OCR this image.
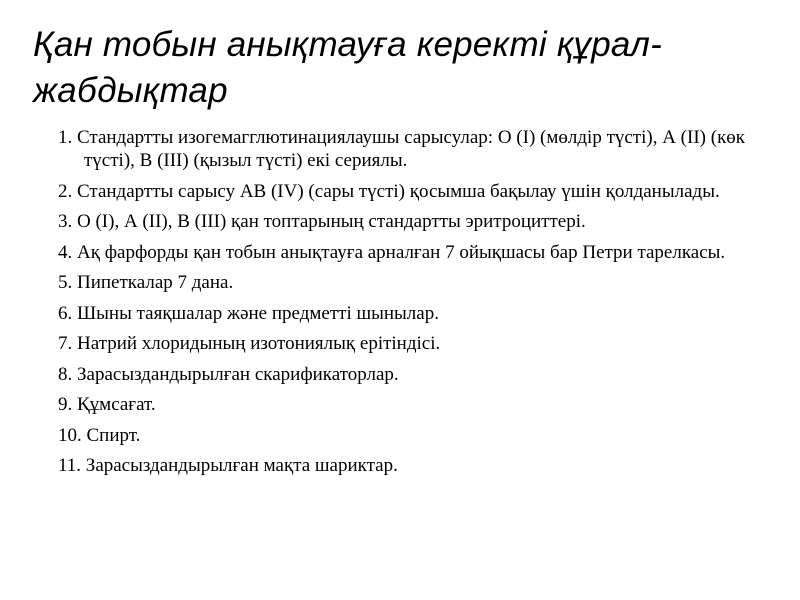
Қан тобын анықтауға керекті құрал-жабдықтар
1. Стандартты изогемагглютинациялаушы сарысулар: О (І) (мөлдір түсті), А (ІІ) (көк түсті), В (ІІІ) (қызыл түсті) екі сериялы.
2. Стандартты сарысу АВ (IV) (сары түсті) қосымша бақылау үшін қолданылады.
3. О (I), А (II), В (III) қан топтарының стандартты эритроциттері.
4. Ақ фарфорды қан тобын анықтауға арналған 7 ойықшасы бар Петри тарелкасы.
5. Пипеткалар 7 дана.
6. Шыны таяқшалар және предметті шынылар.
7. Натрий хлоридының изотониялық ерітіндісі.
8. Зарасыздандырылған скарификаторлар.
9. Құмсағат.
10. Спирт.
11. Зарасыздандырылған мақта шариктар.
